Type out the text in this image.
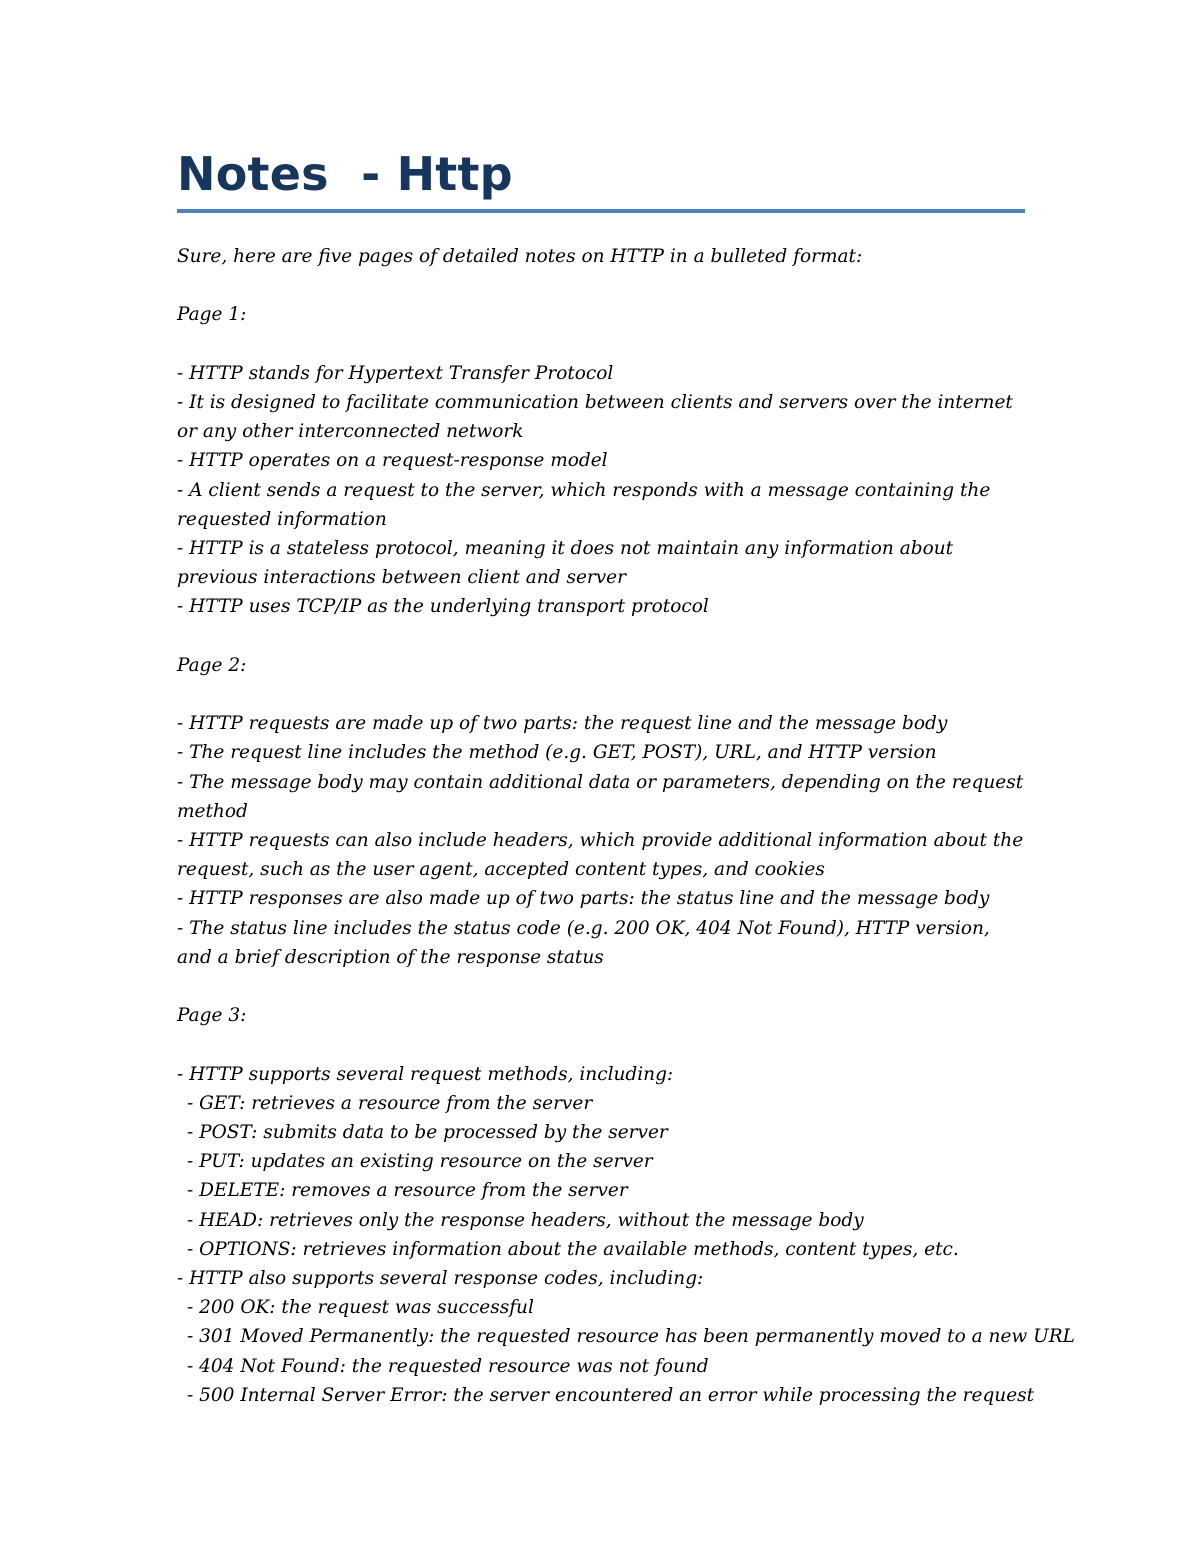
Notes  - Http
Sure, here are five pages of detailed notes on HTTP in a bulleted format:
Page 1:
- HTTP stands for Hypertext Transfer Protocol
- It is designed to facilitate communication between clients and servers over the internet or any other interconnected network
- HTTP operates on a request-response model
- A client sends a request to the server, which responds with a message containing the requested information
- HTTP is a stateless protocol, meaning it does not maintain any information about previous interactions between client and server
- HTTP uses TCP/IP as the underlying transport protocol
Page 2:
- HTTP requests are made up of two parts: the request line and the message body
- The request line includes the method (e.g. GET, POST), URL, and HTTP version
- The message body may contain additional data or parameters, depending on the request method
- HTTP requests can also include headers, which provide additional information about the request, such as the user agent, accepted content types, and cookies
- HTTP responses are also made up of two parts: the status line and the message body
- The status line includes the status code (e.g. 200 OK, 404 Not Found), HTTP version, and a brief description of the response status
Page 3:
- HTTP supports several request methods, including:
- GET: retrieves a resource from the server
- POST: submits data to be processed by the server
- PUT: updates an existing resource on the server
- DELETE: removes a resource from the server
- HEAD: retrieves only the response headers, without the message body
- OPTIONS: retrieves information about the available methods, content types, etc.
- HTTP also supports several response codes, including:
- 200 OK: the request was successful
- 301 Moved Permanently: the requested resource has been permanently moved to a new URL
- 404 Not Found: the requested resource was not found
- 500 Internal Server Error: the server encountered an error while processing the request
